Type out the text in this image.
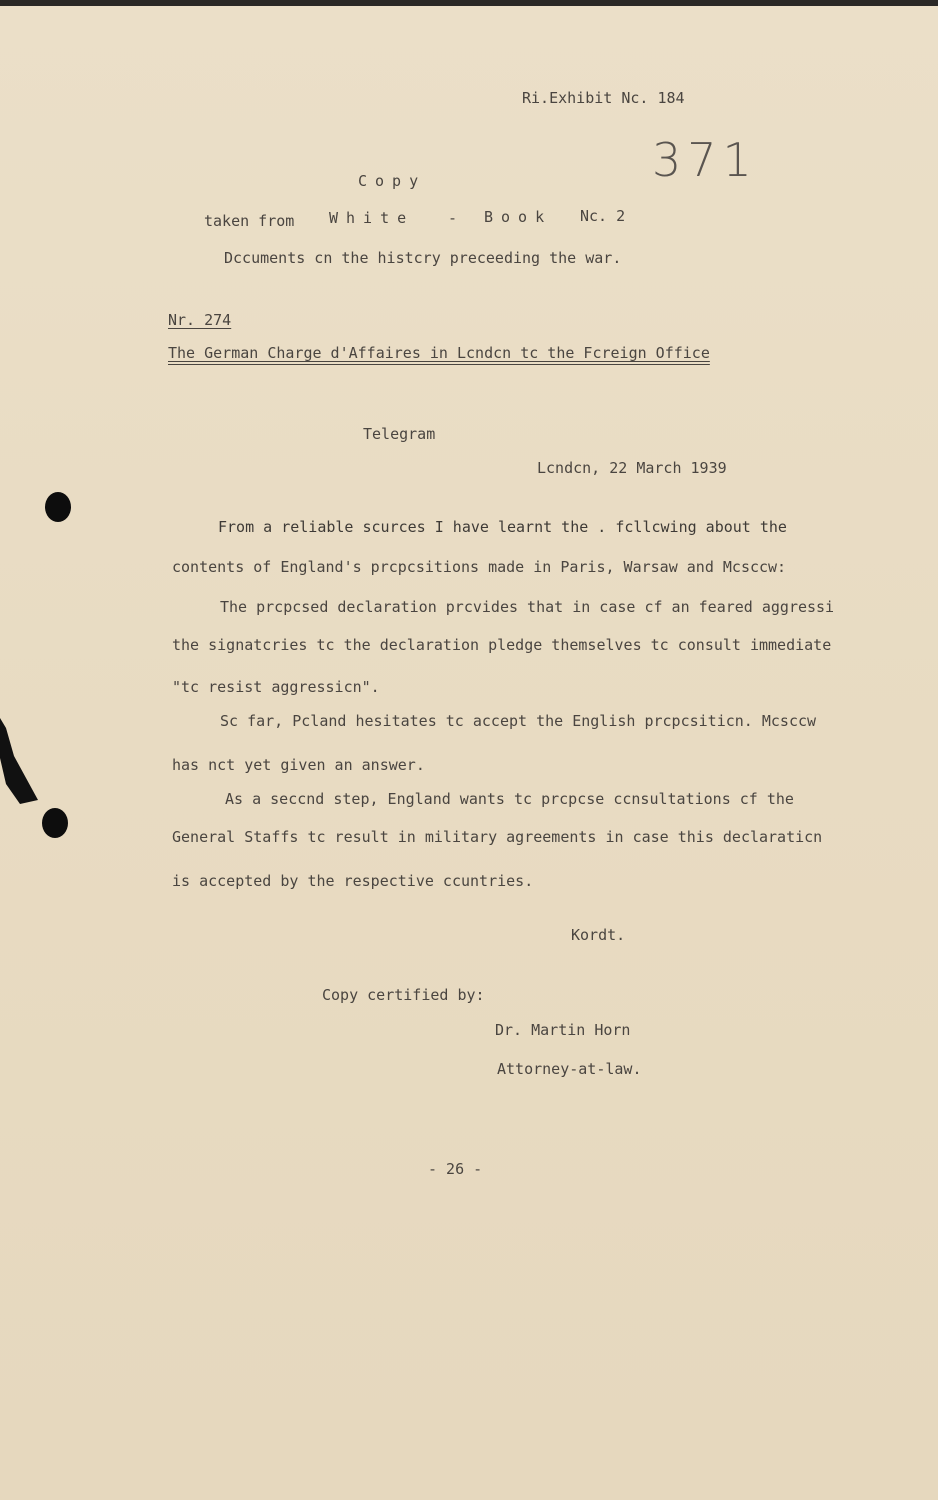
Ri.Exhibit Nc. 184

371

Copy

taken from White - Book Nc. 2

Dccuments cn the histcry preceeding the war.

Nr. 274

The German Charge d'Affaires in Lcndcn tc the Fcreign Office

Telegram

Lcndcn, 22 March 1939

From a reliable scurces I have learnt the . fcllcwing about the

contents of England's prcpcsitions made in Paris, Warsaw and Mcsccw:

The prcpcsed declaration prcvides that in case cf an feared aggressi

the signatcries tc the declaration pledge themselves tc consult immediate

"tc resist aggressicn".

Sc far, Pcland hesitates tc accept the English prcpcsiticn. Mcsccw

has nct yet given an answer.

As a seccnd step, England wants tc prcpcse ccnsultations cf the

General Staffs tc result in military agreements in case this declaraticn

is accepted by the respective ccuntries.

Kordt.

Copy certified by:

Dr. Martin Horn

Attorney-at-law.

- 26 -
